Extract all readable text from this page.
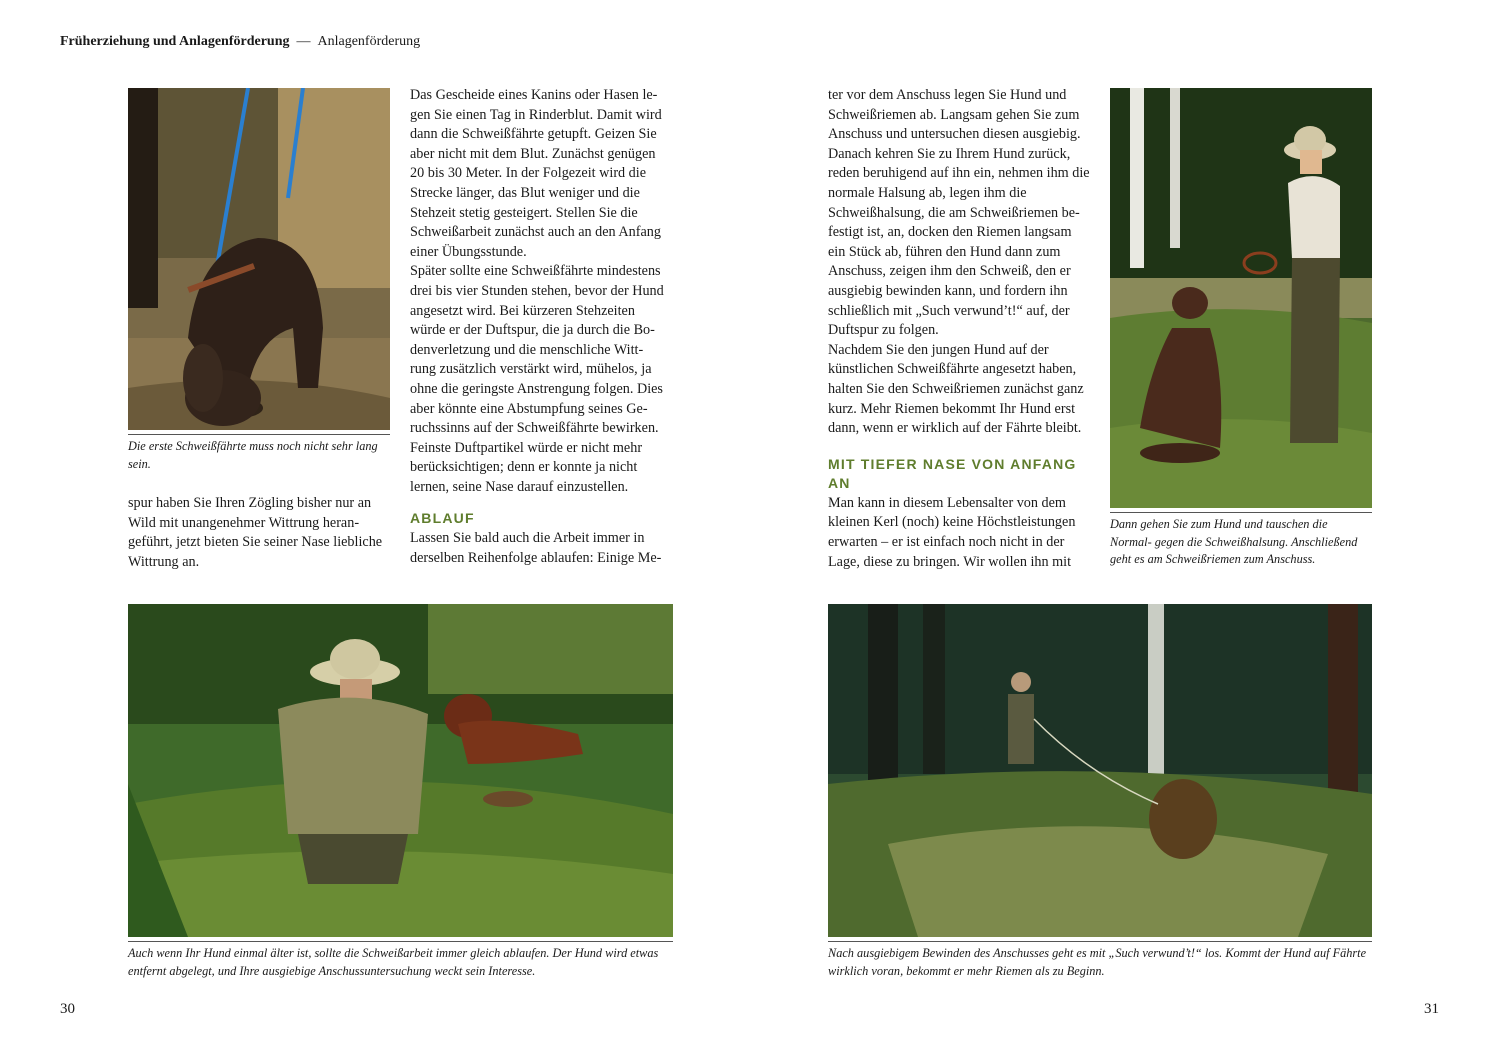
Früherziehung und Anlagenförderung — Anlagenförderung
Die erste Schweißfährte muss noch nicht sehr lang sein.

spur haben Sie Ihren Zögling bisher nur an Wild mit unangenehmer Wittrung heran- geführt, jetzt bieten Sie seiner Nase liebliche Wittrung an.

Das Gescheide eines Kanins oder Hasen le- gen Sie einen Tag in Rinderblut. Damit wird dann die Schweißfährte getupft. Geizen Sie aber nicht mit dem Blut. Zunächst genügen 20 bis 30 Meter. In der Folgezeit wird die Strecke länger, das Blut weniger und die Stehzeit stetig gesteigert. Stellen Sie die Schweißarbeit zunächst auch an den Anfang einer Übungsstunde.

Später sollte eine Schweißfährte mindestens drei bis vier Stunden stehen, bevor der Hund angesetzt wird. Bei kürzeren Stehzeiten würde er der Duftspur, die ja durch die Bo- denverletzung und die menschliche Witt- rung zusätzlich verstärkt wird, mühelos, ja ohne die geringste Anstrengung folgen. Dies aber könnte eine Abstumpfung seines Ge- ruchssinns auf der Schweißfährte bewirken. Feinste Duftpartikel würde er nicht mehr berücksichtigen; denn er konnte ja nicht lernen, seine Nase darauf einzustellen.

ABLAUF

Lassen Sie bald auch die Arbeit immer in derselben Reihenfolge ablaufen: Einige Me-

Auch wenn Ihr Hund einmal älter ist, sollte die Schweißarbeit immer gleich ablaufen. Der Hund wird etwas entfernt abgelegt, und Ihre ausgiebige Anschussuntersuchung weckt sein Interesse.
30

ter vor dem Anschuss legen Sie Hund und Schweißriemen ab. Langsam gehen Sie zum Anschuss und untersuchen diesen ausgiebig. Danach kehren Sie zu Ihrem Hund zurück, reden beruhigend auf ihn ein, nehmen ihm die normale Halsung ab, legen ihm die Schweißhalsung, die am Schweißriemen be- festigt ist, an, docken den Riemen langsam ein Stück ab, führen den Hund dann zum Anschuss, zeigen ihm den Schweiß, den er ausgiebig bewinden kann, und fordern ihn schließlich mit „Such verwund’t!“ auf, der Duftspur zu folgen.

Nachdem Sie den jungen Hund auf der künstlichen Schweißfährte angesetzt haben, halten Sie den Schweißriemen zunächst ganz kurz. Mehr Riemen bekommt Ihr Hund erst dann, wenn er wirklich auf der Fährte bleibt.

MIT TIEFER NASE VON ANFANG AN

Man kann in diesem Lebensalter von dem kleinen Kerl (noch) keine Höchstleistungen erwarten – er ist einfach noch nicht in der Lage, diese zu bringen. Wir wollen ihn mit

Dann gehen Sie zum Hund und tauschen die Normal- gegen die Schweißhalsung. Anschließend geht es am Schweißriemen zum Anschuss.
Nach ausgiebigem Bewinden des Anschusses geht es mit „Such verwund’t!“ los. Kommt der Hund auf Fährte wirklich voran, bekommt er mehr Riemen als zu Beginn.
31
